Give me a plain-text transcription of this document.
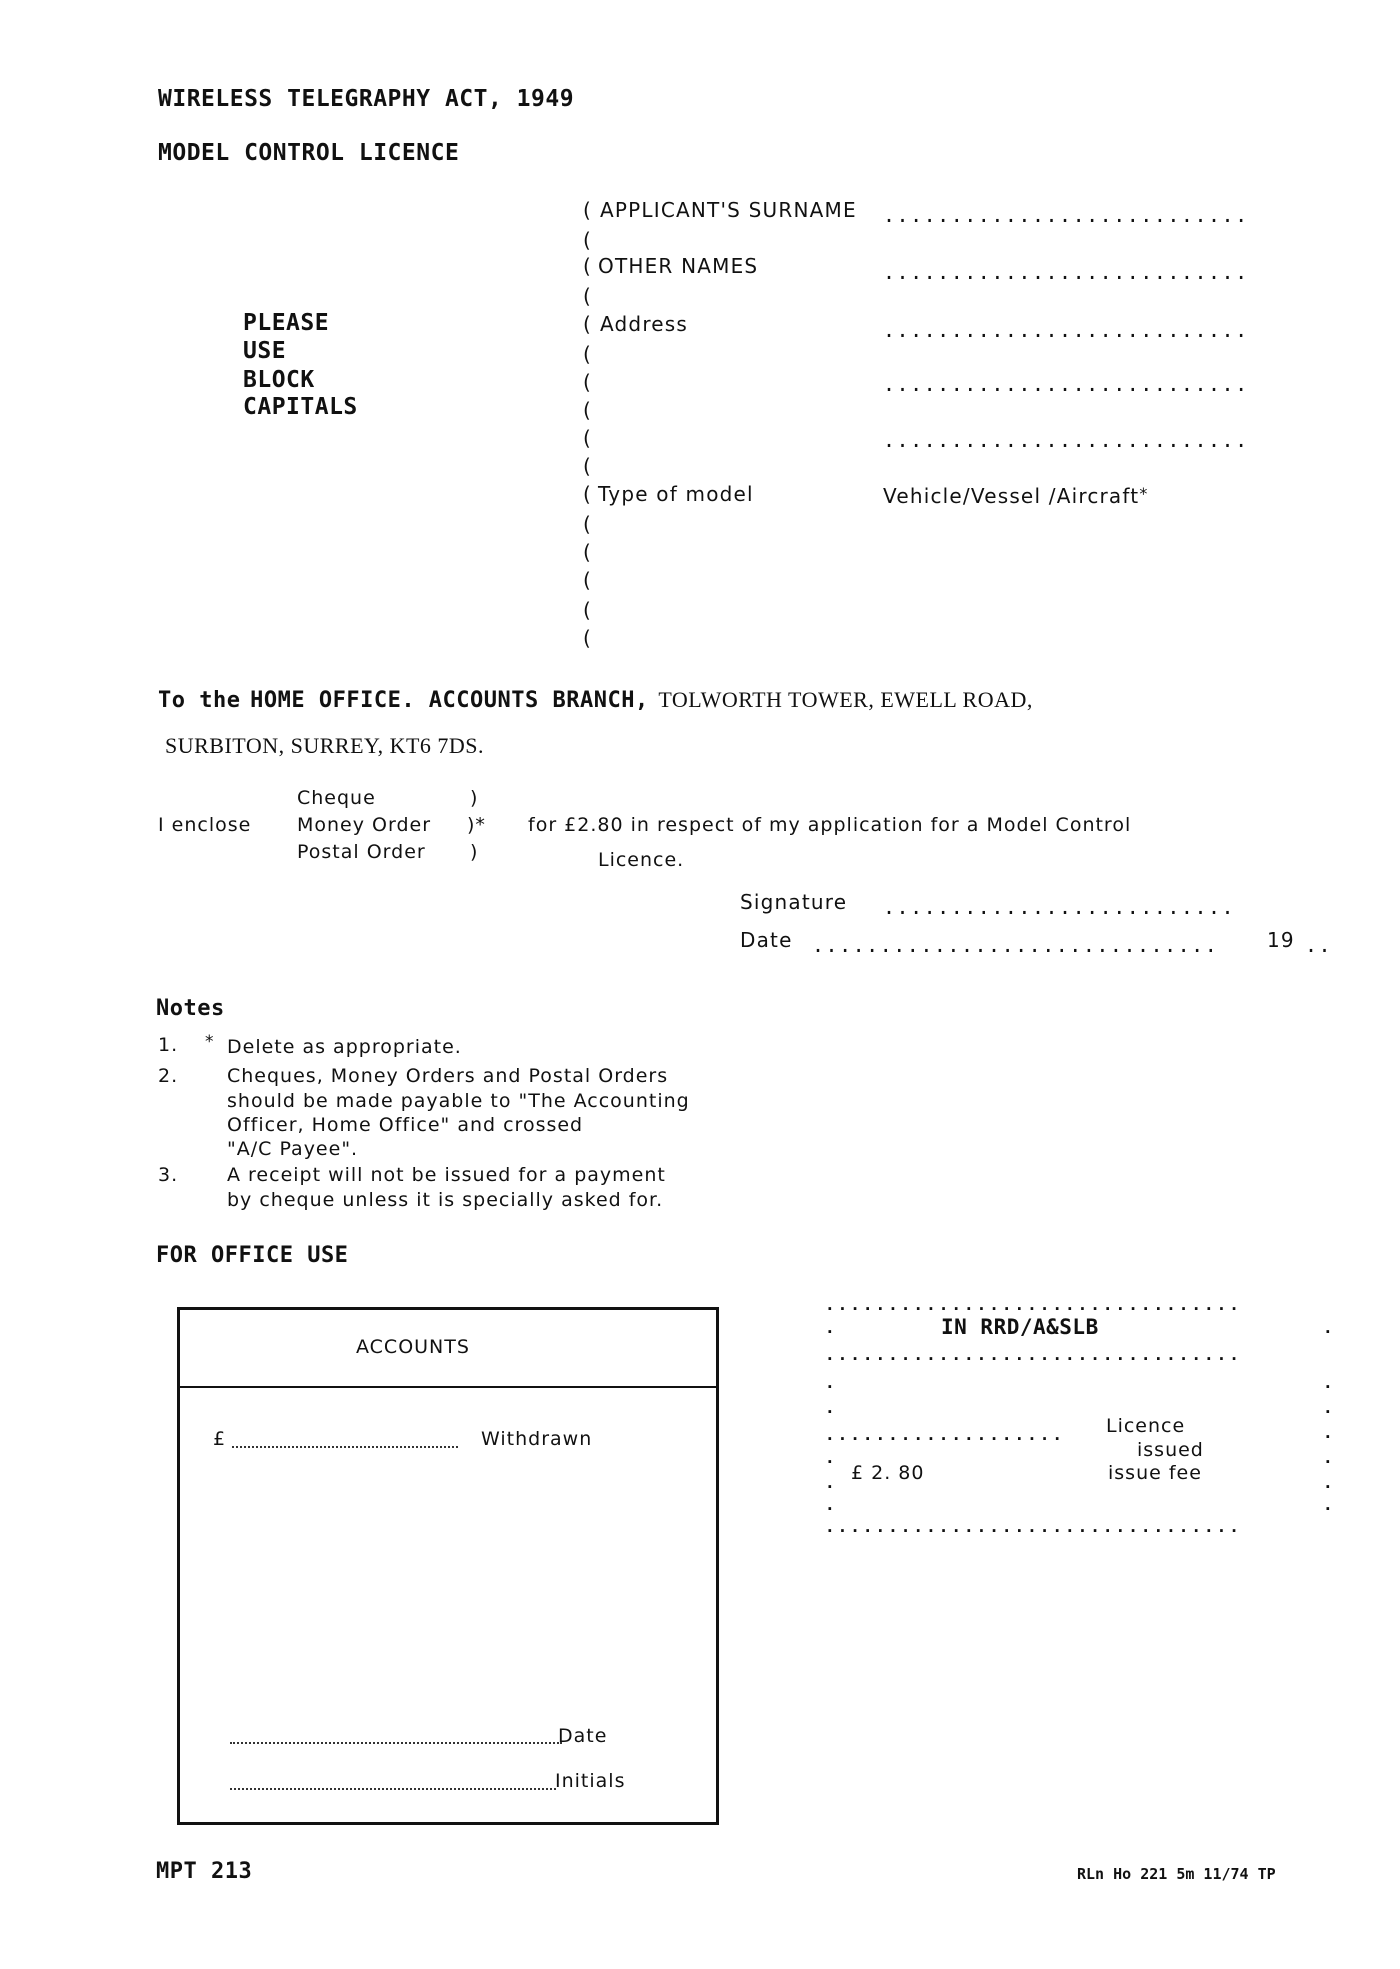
WIRELESS TELEGRAPHY ACT, 1949
MODEL CONTROL LICENCE
PLEASE
USE
BLOCK
CAPITALS
(
(
(
(
(
(
(
(
(
(
(
(
(
(
(
(
APPLICANT'S SURNAME ...........................
OTHER NAMES	...........................
Address	...........................
...........................
...........................
Type of model	Vehicle/Vessel /Aircraft*
To the HOME OFFICE. ACCOUNTS BRANCH, TOLWORTH TOWER, EWELL ROAD,
SURBITON, SURREY, KT6 7DS.
Cheque	)
I enclose Money Order )* for £2.80 in respect of my application for a Model Control
Postal Order )	Licence.
Signature ..........................
Date .............................. 19 ..
Notes
1. * Delete as appropriate.
2.	Cheques, Money Orders and Postal Orders
should be made payable to "The Accounting
Officer, Home Office" and crossed
"A/C Payee".
3.	A receipt will not be issued for a payment
by cheque unless it is specially asked for.
FOR OFFICE USE
ACCOUNTS
£	Withdrawn
Date
Initials
.................................
.................................
...................
.................................
.
.
.
.
.
.
.
.
.
.
.
.
.
IN RRD/A&SLB
Licence
issued
£ 2. 80	issue fee
MPT 213	RLn Ho 221 5m 11/74 TP
